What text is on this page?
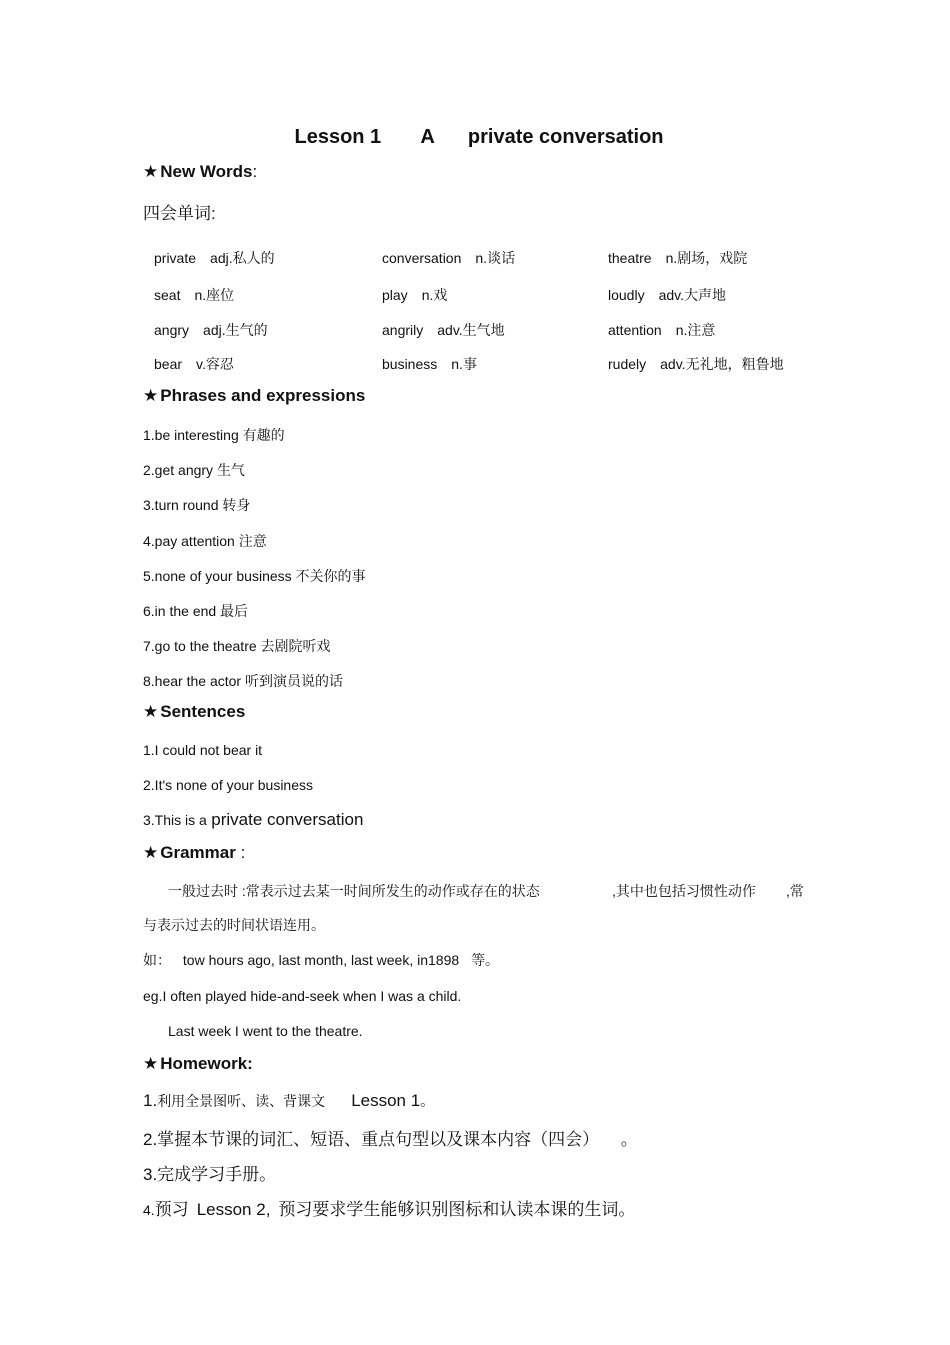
Lesson 1 A private conversation
★ New Words:
四会单词:
private adj.私人的	conversation n.谈话	theatre n.剧场，戏院
seat n.座位	play n.戏	loudly adv.大声地
angry adj.生气的	angrily adv.生气地	attention n.注意
bear v.容忍	business n.事	rudely adv.无礼地，粗鲁地
★ Phrases and expressions
1.be interesting 有趣的
2.get angry 生气
3.turn round 转身
4.pay attention 注意
5.none of your business 不关你的事
6.in the end 最后
7.go to the theatre 去剧院听戏
8.hear the actor 听到演员说的话
★ Sentences
1.I could not bear it
2.It's none of your business
3.This is a private conversation
★ Grammar :
一般过去时 :常表示过去某一时间所发生的动作或存在的状态	,其中也包括习惯性动作 ,常
与表示过去的时间状语连用。
如： tow hours ago, last month, last week, in1898 等。
eg.I often played hide-and-seek when I was a child.
Last week I went to the theatre.
★ Homework:
1.利用全景图听、读、背课文 Lesson 1。
2.掌握本节课的词汇、短语、重点句型以及课本内容（四会） 。
3.完成学习手册。
4.预习 Lesson 2, 预习要求学生能够识别图标和认读本课的生词。
